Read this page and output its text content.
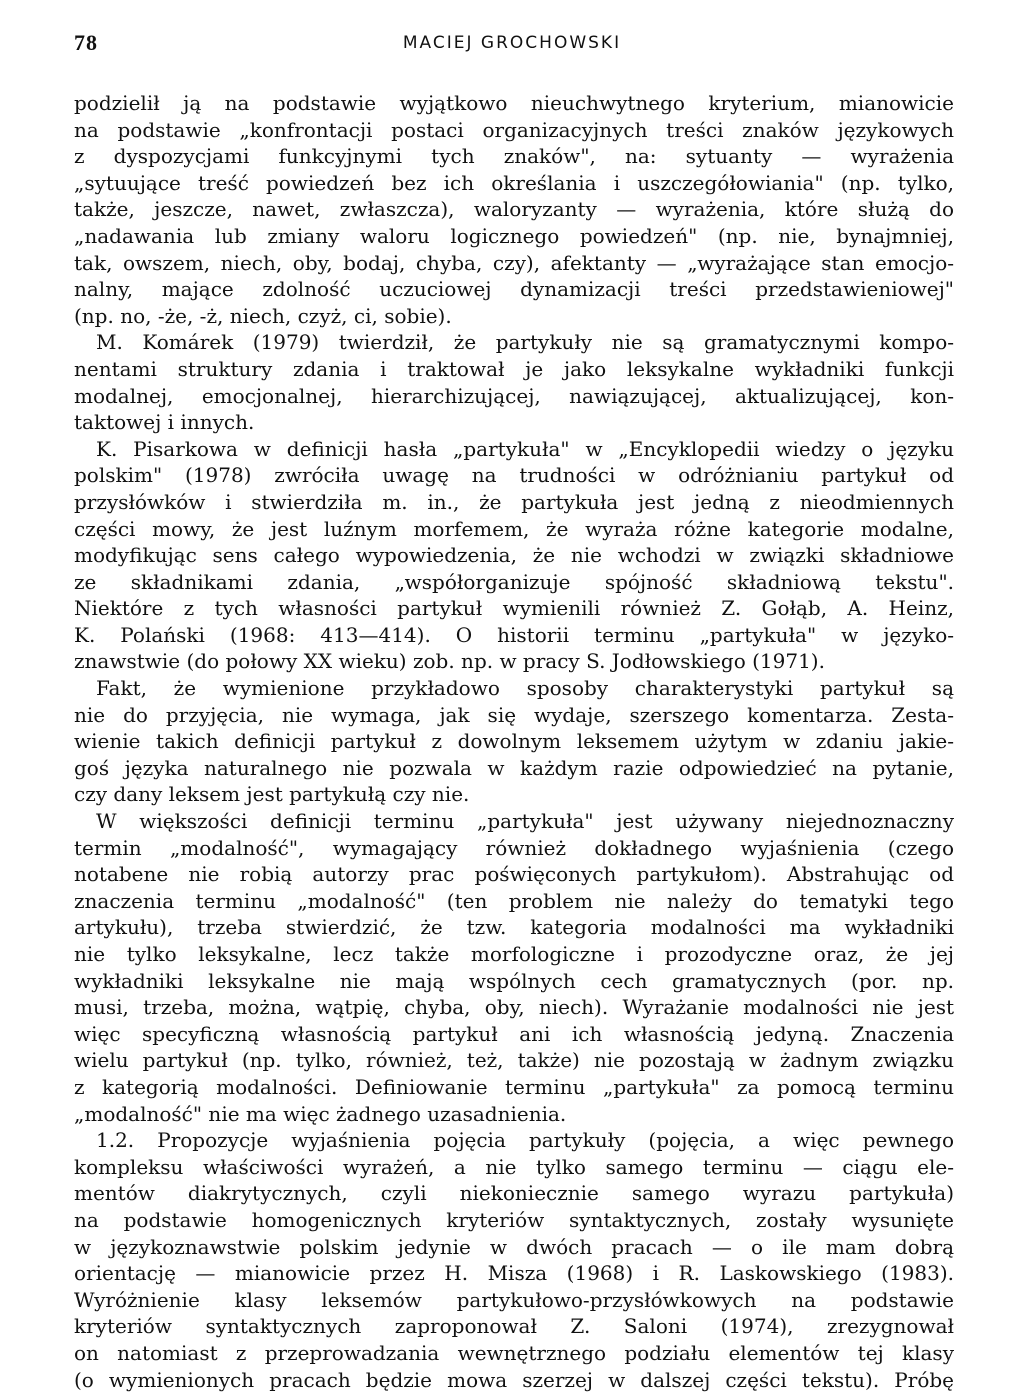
78	MACIEJ GROCHOWSKI
podzielił ją na podstawie wyjątkowo nieuchwytnego kryterium, mianowicie
na podstawie „konfrontacji postaci organizacyjnych treści znaków językowych
z dyspozycjami funkcyjnymi tych znaków", na: sytuanty — wyrażenia
„sytuujące treść powiedzeń bez ich określania i uszczegółowiania" (np. tylko,
także, jeszcze, nawet, zwłaszcza), waloryzanty — wyrażenia, które służą do
„nadawania lub zmiany waloru logicznego powiedzeń" (np. nie, bynajmniej,
tak, owszem, niech, oby, bodaj, chyba, czy), afektanty — „wyrażające stan emocjo-
nalny, mające zdolność uczuciowej dynamizacji treści przedstawieniowej"
(np. no, -że, -ż, niech, czyż, ci, sobie).
M. Komárek (1979) twierdził, że partykuły nie są gramatycznymi kompo-
nentami struktury zdania i traktował je jako leksykalne wykładniki funkcji
modalnej, emocjonalnej, hierarchizującej, nawiązującej, aktualizującej, kon-
taktowej i innych.
K. Pisarkowa w definicji hasła „partykuła" w „Encyklopedii wiedzy o języku
polskim" (1978) zwróciła uwagę na trudności w odróżnianiu partykuł od
przysłówków i stwierdziła m. in., że partykuła jest jedną z nieodmiennych
części mowy, że jest luźnym morfemem, że wyraża różne kategorie modalne,
modyfikując sens całego wypowiedzenia, że nie wchodzi w związki składniowe
ze składnikami zdania, „współorganizuje spójność składniową tekstu".
Niektóre z tych własności partykuł wymienili również Z. Gołąb, A. Heinz,
K. Polański (1968: 413—414). O historii terminu „partykuła" w języko-
znawstwie (do połowy XX wieku) zob. np. w pracy S. Jodłowskiego (1971).
Fakt, że wymienione przykładowo sposoby charakterystyki partykuł są
nie do przyjęcia, nie wymaga, jak się wydaje, szerszego komentarza. Zesta-
wienie takich definicji partykuł z dowolnym leksemem użytym w zdaniu jakie-
goś języka naturalnego nie pozwala w każdym razie odpowiedzieć na pytanie,
czy dany leksem jest partykułą czy nie.
W większości definicji terminu „partykuła" jest używany niejednoznaczny
termin „modalność", wymagający również dokładnego wyjaśnienia (czego
notabene nie robią autorzy prac poświęconych partykułom). Abstrahując od
znaczenia terminu „modalność" (ten problem nie należy do tematyki tego
artykułu), trzeba stwierdzić, że tzw. kategoria modalności ma wykładniki
nie tylko leksykalne, lecz także morfologiczne i prozodyczne oraz, że jej
wykładniki leksykalne nie mają wspólnych cech gramatycznych (por. np.
musi, trzeba, można, wątpię, chyba, oby, niech). Wyrażanie modalności nie jest
więc specyficzną własnością partykuł ani ich własnością jedyną. Znaczenia
wielu partykuł (np. tylko, również, też, także) nie pozostają w żadnym związku
z kategorią modalności. Definiowanie terminu „partykuła" za pomocą terminu
„modalność" nie ma więc żadnego uzasadnienia.
1.2. Propozycje wyjaśnienia pojęcia partykuły (pojęcia, a więc pewnego
kompleksu właściwości wyrażeń, a nie tylko samego terminu — ciągu ele-
mentów diakrytycznych, czyli niekoniecznie samego wyrazu partykuła)
na podstawie homogenicznych kryteriów syntaktycznych, zostały wysunięte
w językoznawstwie polskim jedynie w dwóch pracach — o ile mam dobrą
orientację — mianowicie przez H. Misza (1968) i R. Laskowskiego (1983).
Wyróżnienie klasy leksemów partykułowo-przysłówkowych na podstawie
kryteriów syntaktycznych zaproponował Z. Saloni (1974), zrezygnował
on natomiast z przeprowadzania wewnętrznego podziału elementów tej klasy
(o wymienionych pracach będzie mowa szerzej w dalszej części tekstu). Próbę
